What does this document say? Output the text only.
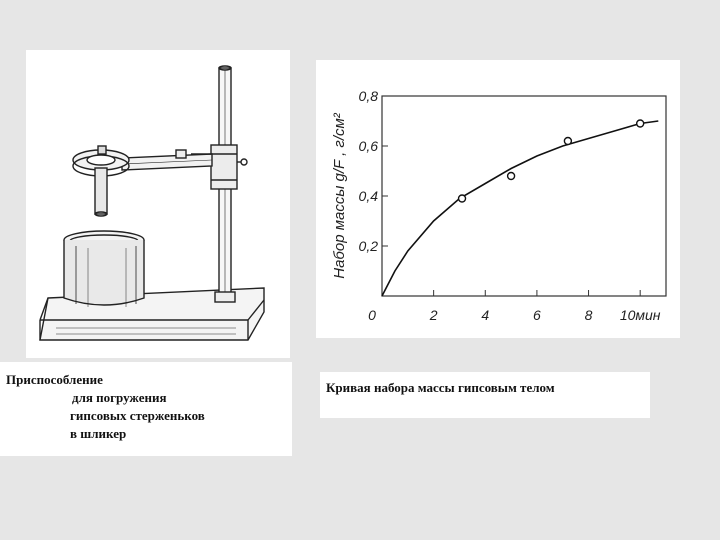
0	2	4	6	8 10мин
0,2
0,4
0,6
0,8
Набор массы g/F , г/см²
Приспособление
для погружения
гипсовых стерженьков
в шликер
Кривая набора массы гипсовым телом
